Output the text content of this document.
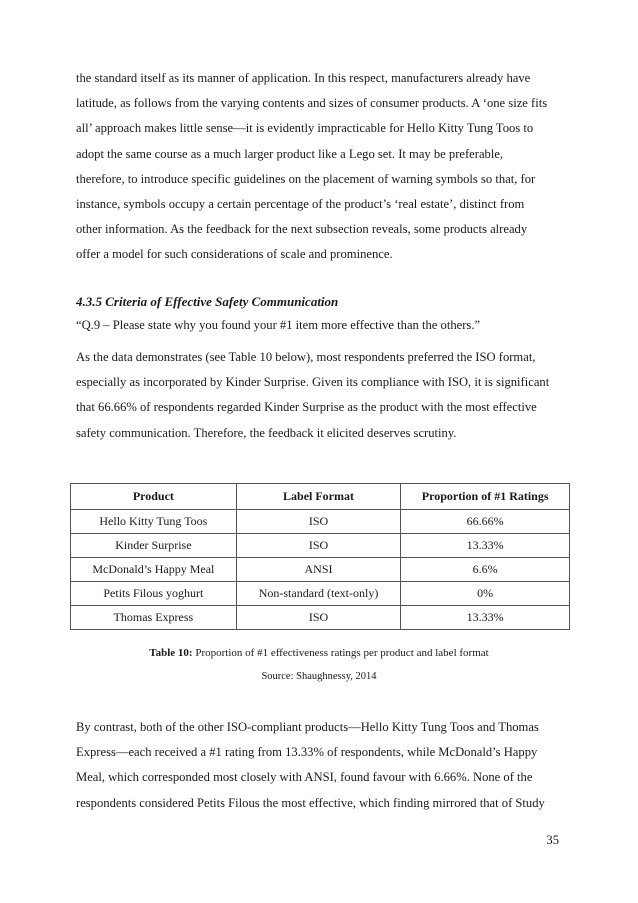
the standard itself as its manner of application. In this respect, manufacturers already have
latitude, as follows from the varying contents and sizes of consumer products. A ‘one size fits
all’ approach makes little sense—it is evidently impracticable for Hello Kitty Tung Toos to
adopt the same course as a much larger product like a Lego set. It may be preferable,
therefore, to introduce specific guidelines on the placement of warning symbols so that, for
instance, symbols occupy a certain percentage of the product’s ‘real estate’, distinct from
other information. As the feedback for the next subsection reveals, some products already
offer a model for such considerations of scale and prominence.

4.3.5 Criteria of Effective Safety Communication

“Q.9 – Please state why you found your #1 item more effective than the others.”

As the data demonstrates (see Table 10 below), most respondents preferred the ISO format,
especially as incorporated by Kinder Surprise. Given its compliance with ISO, it is significant
that 66.66% of respondents regarded Kinder Surprise as the product with the most effective
safety communication. Therefore, the feedback it elicited deserves scrutiny.

Product	Label Format	Proportion of #1 Ratings
Hello Kitty Tung Toos	ISO	66.66%
Kinder Surprise	ISO	13.33%
McDonald’s Happy Meal	ANSI	6.6%
Petits Filous yoghurt	Non-standard (text-only)	0%
Thomas Express	ISO	13.33%
Table 10: Proportion of #1 effectiveness ratings per product and label format
Source: Shaughnessy, 2014

By contrast, both of the other ISO-compliant products—Hello Kitty Tung Toos and Thomas
Express—each received a #1 rating from 13.33% of respondents, while McDonald’s Happy
Meal, which corresponded most closely with ANSI, found favour with 6.66%. None of the
respondents considered Petits Filous the most effective, which finding mirrored that of Study

35
